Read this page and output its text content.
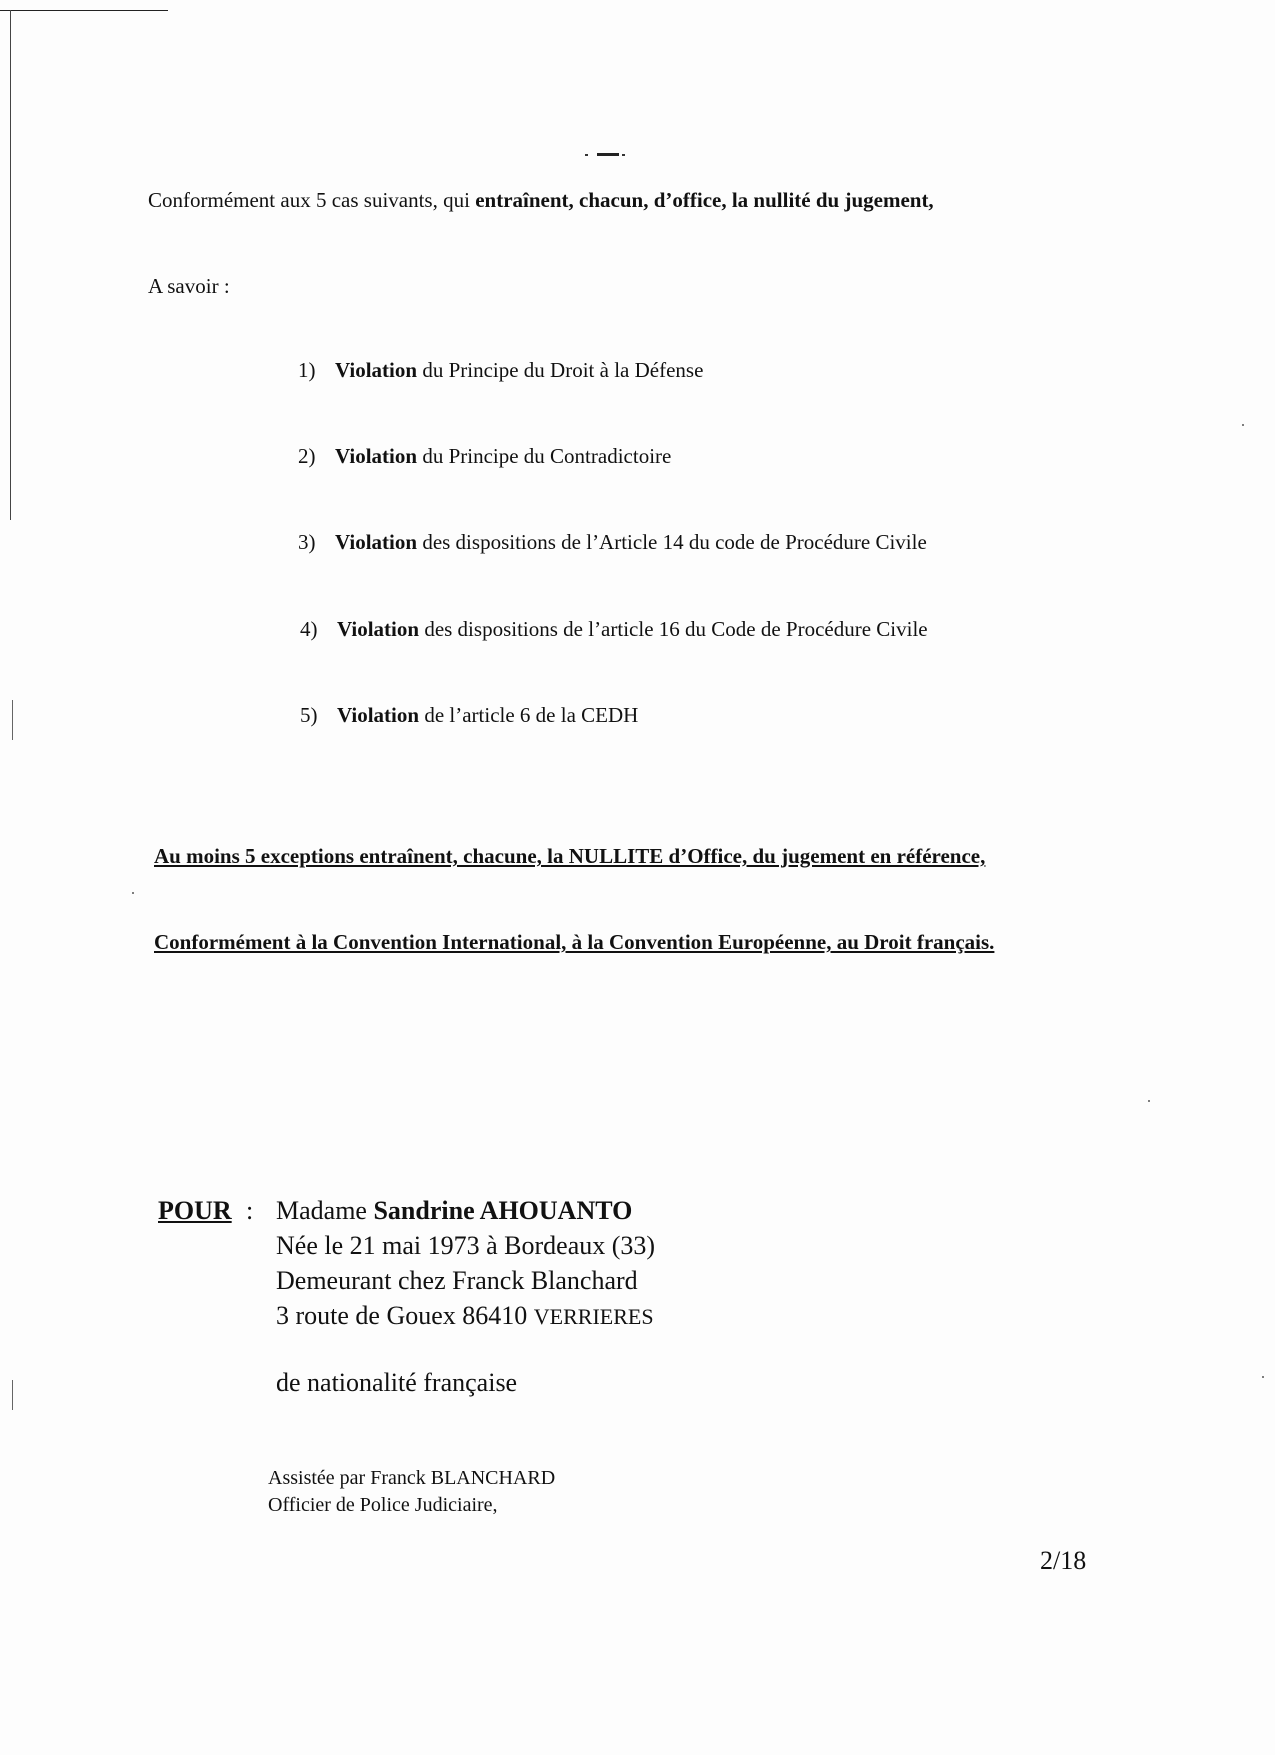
Conformément aux 5 cas suivants, qui entraînent, chacun, d’office, la nullité du jugement,
A savoir :
1) Violation du Principe du Droit à la Défense
2) Violation du Principe du Contradictoire
3) Violation des dispositions de l’Article 14 du code de Procédure Civile
4) Violation des dispositions de l’article 16 du Code de Procédure Civile
5) Violation de l’article 6 de la CEDH
Au moins 5 exceptions entraînent, chacune, la NULLITE d’Office, du jugement en référence,
Conformément à la Convention International, à la Convention Européenne, au Droit français.
POUR : Madame Sandrine AHOUANTO
Née le 21 mai 1973 à Bordeaux (33)
Demeurant chez Franck Blanchard
3 route de Gouex 86410 VERRIERES
de nationalité française
Assistée par Franck BLANCHARD
Officier de Police Judiciaire,
2/18
